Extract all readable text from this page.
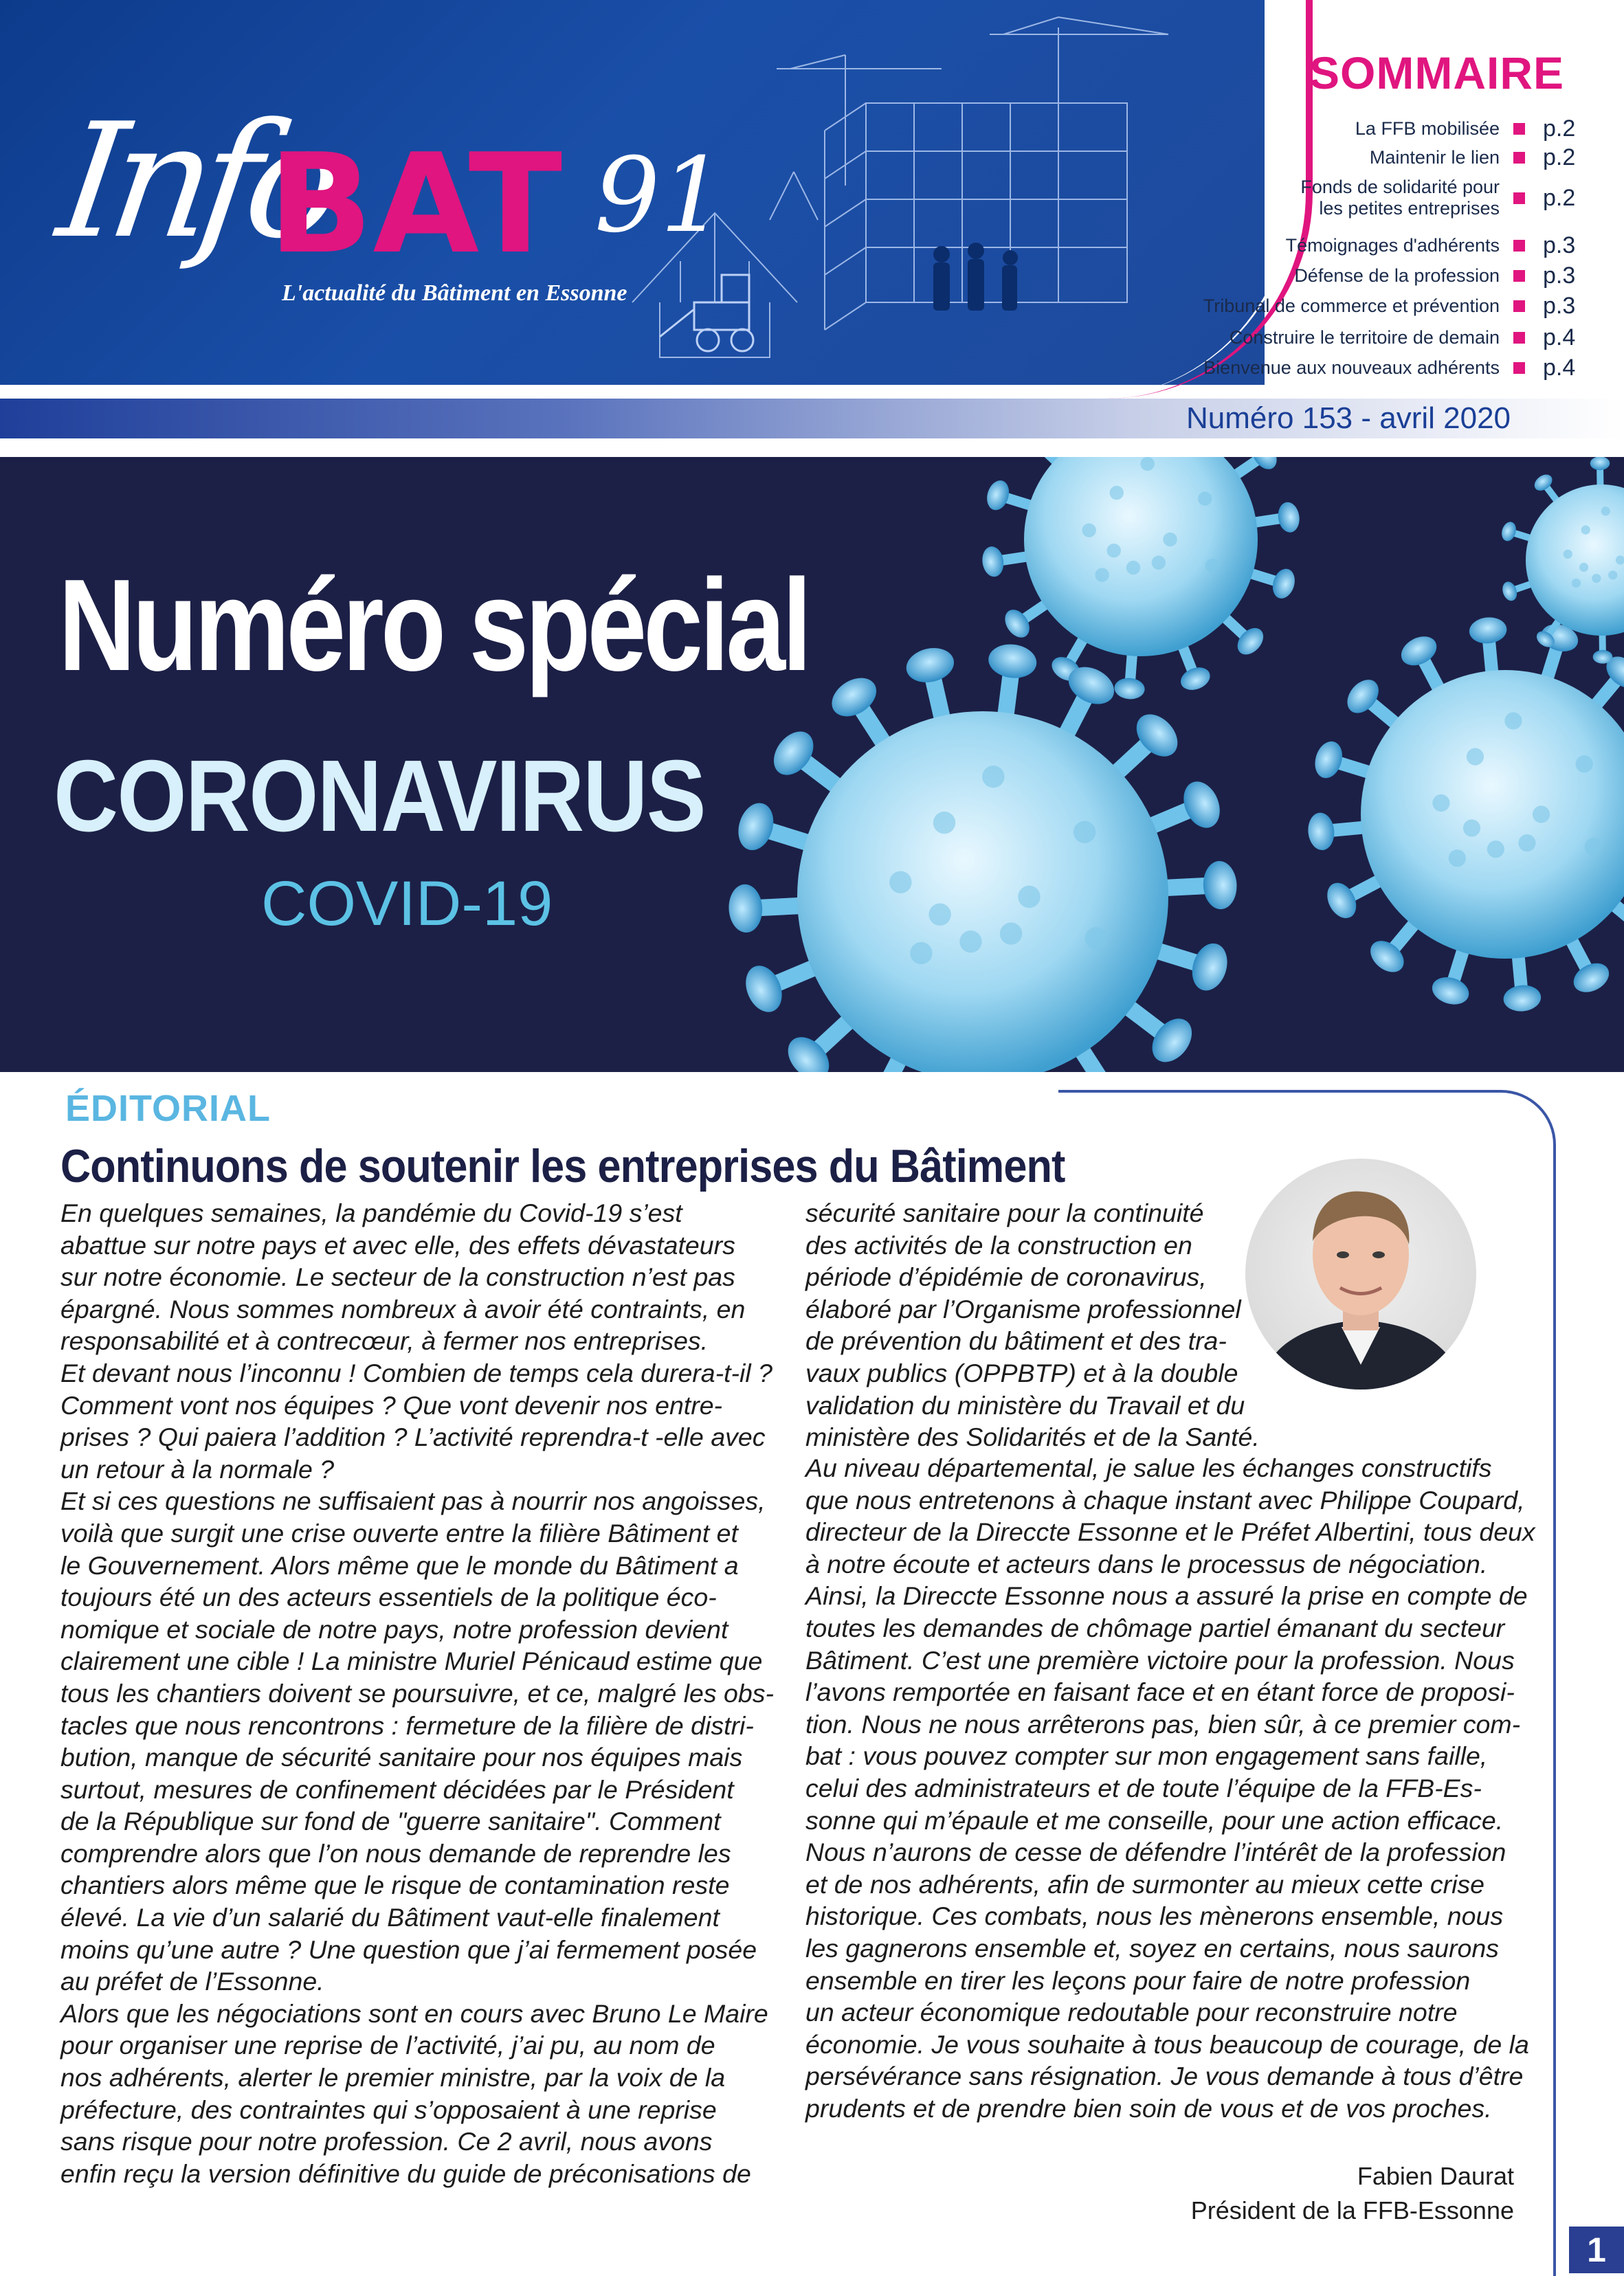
Info
BAT 91
L'actualité du Bâtiment en Essonne
SOMMAIRE
La FFB mobilisée p.2
Maintenir le lien p.2
Fonds de solidarité pour
les petites entreprises p.2
Témoignages d'adhérents p.3
Défense de la profession p.3
Tribunal de commerce et prévention p.3
Construire le territoire de demain p.4
Bienvenue aux nouveaux adhérents p.4
Numéro 153 - avril 2020
Numéro spécial
CORONAVIRUS
COVID-19
ÉDITORIAL
Continuons de soutenir les entreprises du Bâtiment

En quelques semaines, la pandémie du Covid-19 s’est

abattue sur notre pays et avec elle, des effets dévastateurs

sur notre économie. Le secteur de la construction n’est pas

épargné. Nous sommes nombreux à avoir été contraints, en

responsabilité et à contrecœur, à fermer nos entreprises.

Et devant nous l’inconnu ! Combien de temps cela durera-t-il ?

Comment vont nos équipes ? Que vont devenir nos entre-

prises ? Qui paiera l’addition ? L’activité reprendra-t -elle avec

un retour à la normale ?

Et si ces questions ne suffisaient pas à nourrir nos angoisses,

voilà que surgit une crise ouverte entre la filière Bâtiment et

le Gouvernement. Alors même que le monde du Bâtiment a

toujours été un des acteurs essentiels de la politique éco-

nomique et sociale de notre pays, notre profession devient

clairement une cible ! La ministre Muriel Pénicaud estime que

tous les chantiers doivent se poursuivre, et ce, malgré les obs-

tacles que nous rencontrons : fermeture de la filière de distri-

bution, manque de sécurité sanitaire pour nos équipes mais

surtout, mesures de confinement décidées par le Président

de la République sur fond de "guerre sanitaire". Comment

comprendre alors que l’on nous demande de reprendre les

chantiers alors même que le risque de contamination reste

élevé. La vie d’un salarié du Bâtiment vaut-elle finalement

moins qu’une autre ? Une question que j’ai fermement posée

au préfet de l’Essonne.

Alors que les négociations sont en cours avec Bruno Le Maire

pour organiser une reprise de l’activité, j’ai pu, au nom de

nos adhérents, alerter le premier ministre, par la voix de la

préfecture, des contraintes qui s’opposaient à une reprise

sans risque pour notre profession. Ce 2 avril, nous avons

enfin reçu la version définitive du guide de préconisations de

sécurité sanitaire pour la continuité

des activités de la construction en

période d’épidémie de coronavirus,

élaboré par l’Organisme professionnel

de prévention du bâtiment et des tra-

vaux publics (OPPBTP) et à la double

validation du ministère du Travail et du

ministère des Solidarités et de la Santé.

Au niveau départemental, je salue les échanges constructifs

que nous entretenons à chaque instant avec Philippe Coupard,

directeur de la Direccte Essonne et le Préfet Albertini, tous deux

à notre écoute et acteurs dans le processus de négociation.

Ainsi, la Direccte Essonne nous a assuré la prise en compte de

toutes les demandes de chômage partiel émanant du secteur

Bâtiment. C’est une première victoire pour la profession. Nous

l’avons remportée en faisant face et en étant force de proposi-

tion. Nous ne nous arrêterons pas, bien sûr, à ce premier com-

bat : vous pouvez compter sur mon engagement sans faille,

celui des administrateurs et de toute l’équipe de la FFB-Es-

sonne qui m’épaule et me conseille, pour une action efficace.

Nous n’aurons de cesse de défendre l’intérêt de la profession

et de nos adhérents, afin de surmonter au mieux cette crise

historique. Ces combats, nous les mènerons ensemble, nous

les gagnerons ensemble et, soyez en certains, nous saurons

ensemble en tirer les leçons pour faire de notre profession

un acteur économique redoutable pour reconstruire notre

économie. Je vous souhaite à tous beaucoup de courage, de la

persévérance sans résignation. Je vous demande à tous d’être

prudents et de prendre bien soin de vous et de vos proches.

Fabien Daurat
Président de la FFB-Essonne
1
